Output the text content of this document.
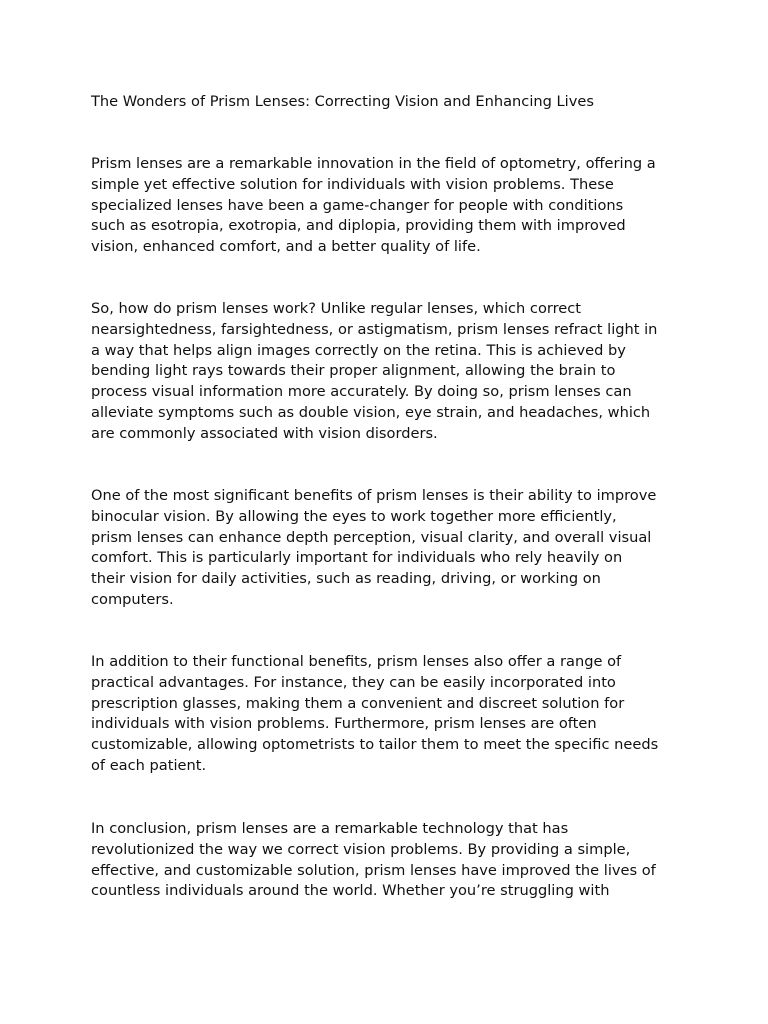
The Wonders of Prism Lenses: Correcting Vision and Enhancing Lives
Prism lenses are a remarkable innovation in the field of optometry, offering a
simple yet effective solution for individuals with vision problems. These
specialized lenses have been a game-changer for people with conditions
such as esotropia, exotropia, and diplopia, providing them with improved
vision, enhanced comfort, and a better quality of life.
So, how do prism lenses work? Unlike regular lenses, which correct
nearsightedness, farsightedness, or astigmatism, prism lenses refract light in
a way that helps align images correctly on the retina. This is achieved by
bending light rays towards their proper alignment, allowing the brain to
process visual information more accurately. By doing so, prism lenses can
alleviate symptoms such as double vision, eye strain, and headaches, which
are commonly associated with vision disorders.
One of the most significant benefits of prism lenses is their ability to improve
binocular vision. By allowing the eyes to work together more efficiently,
prism lenses can enhance depth perception, visual clarity, and overall visual
comfort. This is particularly important for individuals who rely heavily on
their vision for daily activities, such as reading, driving, or working on
computers.
In addition to their functional benefits, prism lenses also offer a range of
practical advantages. For instance, they can be easily incorporated into
prescription glasses, making them a convenient and discreet solution for
individuals with vision problems. Furthermore, prism lenses are often
customizable, allowing optometrists to tailor them to meet the specific needs
of each patient.
In conclusion, prism lenses are a remarkable technology that has
revolutionized the way we correct vision problems. By providing a simple,
effective, and customizable solution, prism lenses have improved the lives of
countless individuals around the world. Whether you’re struggling with
